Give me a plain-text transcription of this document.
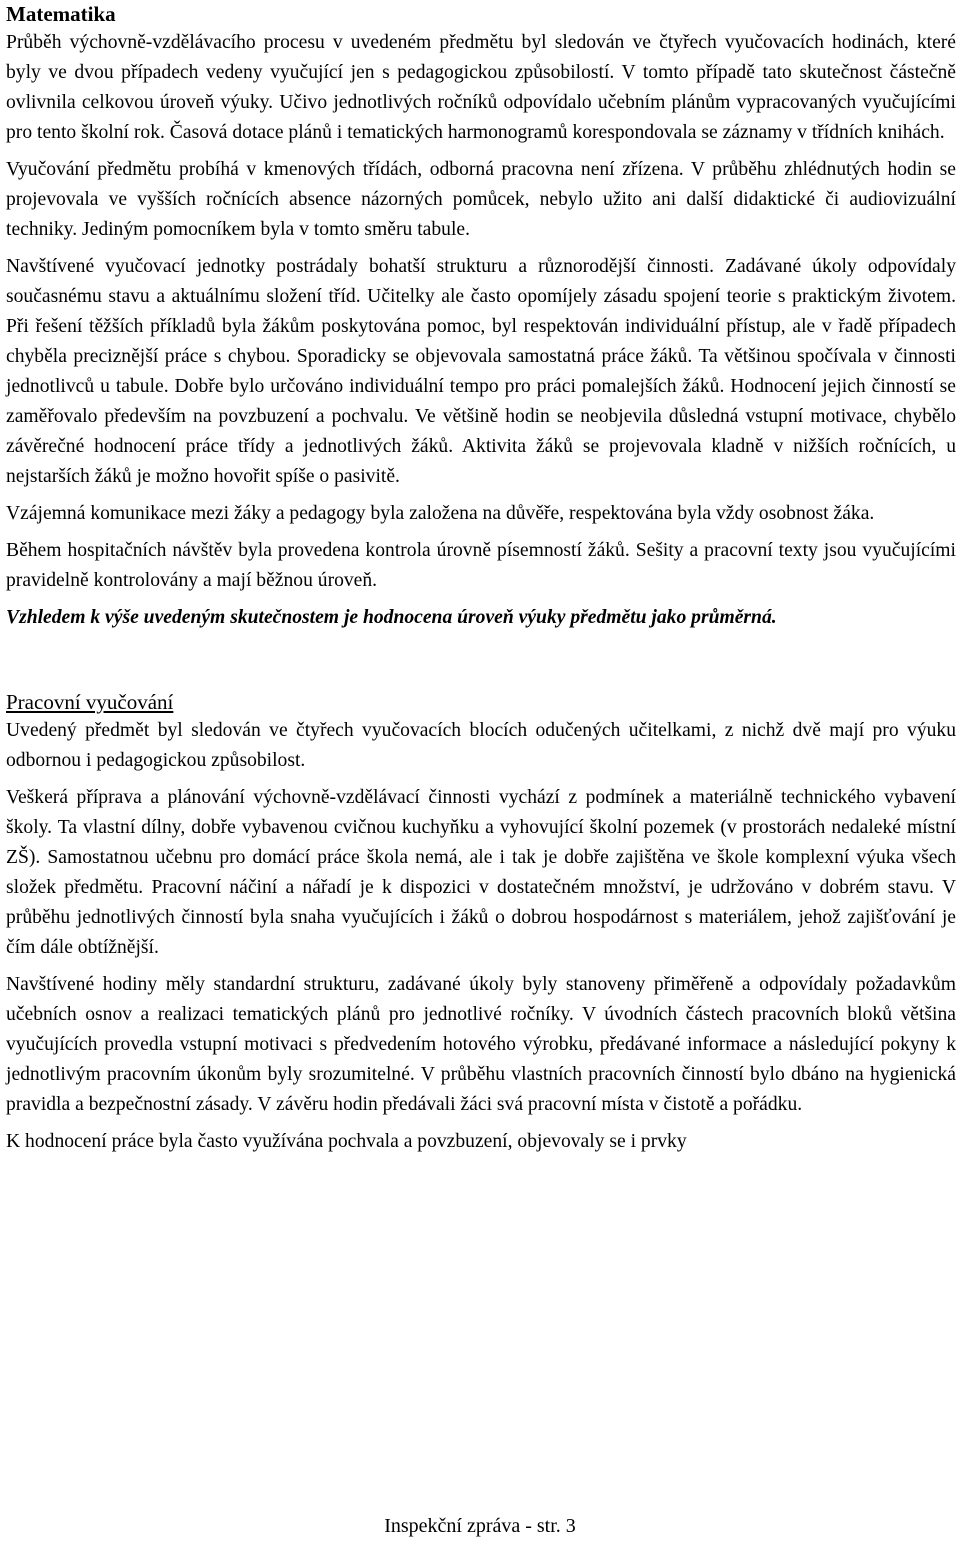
Matematika

Průběh výchovně-vzdělávacího procesu v uvedeném předmětu byl sledován ve čtyřech vyučovacích hodinách, které byly ve dvou případech vedeny vyučující jen s pedagogickou způsobilostí. V tomto případě tato skutečnost částečně ovlivnila celkovou úroveň výuky. Učivo jednotlivých ročníků odpovídalo učebním plánům vypracovaných vyučujícími pro tento školní rok. Časová dotace plánů i tematických harmonogramů korespondovala se záznamy v třídních knihách.

Vyučování předmětu probíhá v kmenových třídách, odborná pracovna není zřízena. V průběhu zhlédnutých hodin se projevovala ve vyšších ročnících absence názorných pomůcek, nebylo užito ani další didaktické či audiovizuální techniky. Jediným pomocníkem byla v tomto směru tabule.

Navštívené vyučovací jednotky postrádaly bohatší strukturu a různorodější činnosti. Zadávané úkoly odpovídaly současnému stavu a aktuálnímu složení tříd. Učitelky ale často opomíjely zásadu spojení teorie s praktickým životem. Při řešení těžších příkladů byla žákům poskytována pomoc, byl respektován individuální přístup, ale v řadě případech chyběla preciznější práce s chybou. Sporadicky se objevovala samostatná práce žáků. Ta většinou spočívala v činnosti jednotlivců u tabule. Dobře bylo určováno individuální tempo pro práci pomalejších žáků. Hodnocení jejich činností se zaměřovalo především na povzbuzení a pochvalu. Ve většině hodin se neobjevila důsledná vstupní motivace, chybělo závěrečné hodnocení práce třídy a jednotlivých žáků. Aktivita žáků se projevovala kladně v nižších ročnících, u nejstarších žáků je možno hovořit spíše o pasivitě.

Vzájemná komunikace mezi žáky a pedagogy byla založena na důvěře, respektována byla vždy osobnost žáka.

Během hospitačních návštěv byla provedena kontrola úrovně písemností žáků. Sešity a pracovní texty jsou vyučujícími pravidelně kontrolovány a mají běžnou úroveň.

Vzhledem k výše uvedeným skutečnostem je hodnocena úroveň výuky předmětu jako průměrná.

Pracovní vyučování

Uvedený předmět byl sledován ve čtyřech vyučovacích blocích odučených učitelkami, z nichž dvě mají pro výuku odbornou i pedagogickou způsobilost.

Veškerá příprava a plánování výchovně-vzdělávací činnosti vychází z podmínek a materiálně technického vybavení školy. Ta vlastní dílny, dobře vybavenou cvičnou kuchyňku a vyhovující školní pozemek (v prostorách nedaleké místní ZŠ). Samostatnou učebnu pro domácí práce škola nemá, ale i tak je dobře zajištěna ve škole komplexní výuka všech složek předmětu. Pracovní náčiní a nářadí je k dispozici v dostatečném množství, je udržováno v dobrém stavu. V průběhu jednotlivých činností byla snaha vyučujících i žáků o dobrou hospodárnost s materiálem, jehož zajišťování je čím dále obtížnější.

Navštívené hodiny měly standardní strukturu, zadávané úkoly byly stanoveny přiměřeně a odpovídaly požadavkům učebních osnov a realizaci tematických plánů pro jednotlivé ročníky. V úvodních částech pracovních bloků většina vyučujících provedla vstupní motivaci s předvedením hotového výrobku, předávané informace a následující pokyny k jednotlivým pracovním úkonům byly srozumitelné. V průběhu vlastních pracovních činností bylo dbáno na hygienická pravidla a bezpečnostní zásady. V závěru hodin předávali žáci svá pracovní místa v čistotě a pořádku.

K hodnocení práce byla často využívána pochvala a povzbuzení, objevovaly se i prvky

Inspekční zpráva - str. 3
